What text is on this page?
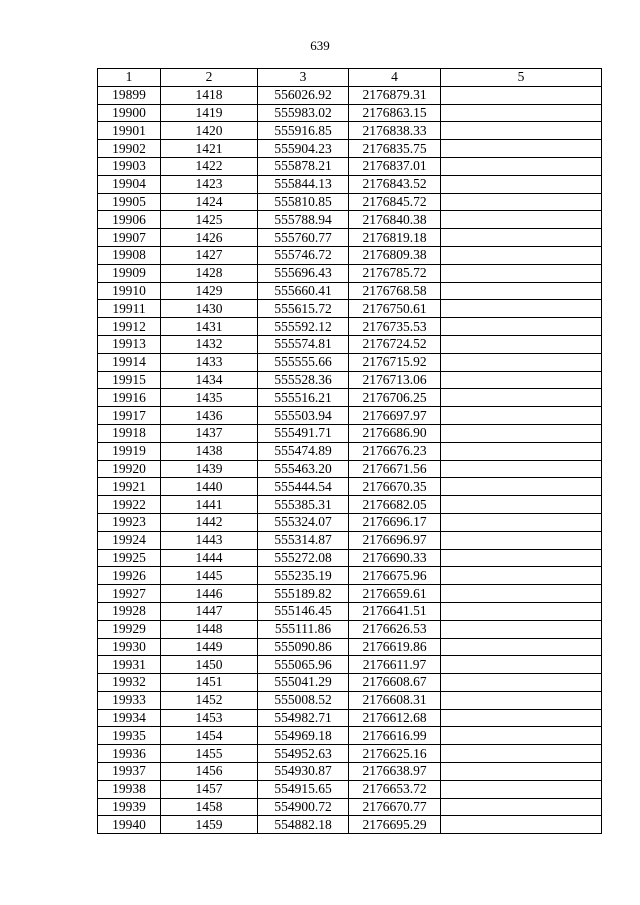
639
1	2	3	4	5
19899	1418	556026.92	2176879.31	
19900	1419	555983.02	2176863.15	
19901	1420	555916.85	2176838.33	
19902	1421	555904.23	2176835.75	
19903	1422	555878.21	2176837.01	
19904	1423	555844.13	2176843.52	
19905	1424	555810.85	2176845.72	
19906	1425	555788.94	2176840.38	
19907	1426	555760.77	2176819.18	
19908	1427	555746.72	2176809.38	
19909	1428	555696.43	2176785.72	
19910	1429	555660.41	2176768.58	
19911	1430	555615.72	2176750.61	
19912	1431	555592.12	2176735.53	
19913	1432	555574.81	2176724.52	
19914	1433	555555.66	2176715.92	
19915	1434	555528.36	2176713.06	
19916	1435	555516.21	2176706.25	
19917	1436	555503.94	2176697.97	
19918	1437	555491.71	2176686.90	
19919	1438	555474.89	2176676.23	
19920	1439	555463.20	2176671.56	
19921	1440	555444.54	2176670.35	
19922	1441	555385.31	2176682.05	
19923	1442	555324.07	2176696.17	
19924	1443	555314.87	2176696.97	
19925	1444	555272.08	2176690.33	
19926	1445	555235.19	2176675.96	
19927	1446	555189.82	2176659.61	
19928	1447	555146.45	2176641.51	
19929	1448	555111.86	2176626.53	
19930	1449	555090.86	2176619.86	
19931	1450	555065.96	2176611.97	
19932	1451	555041.29	2176608.67	
19933	1452	555008.52	2176608.31	
19934	1453	554982.71	2176612.68	
19935	1454	554969.18	2176616.99	
19936	1455	554952.63	2176625.16	
19937	1456	554930.87	2176638.97	
19938	1457	554915.65	2176653.72	
19939	1458	554900.72	2176670.77	
19940	1459	554882.18	2176695.29	
